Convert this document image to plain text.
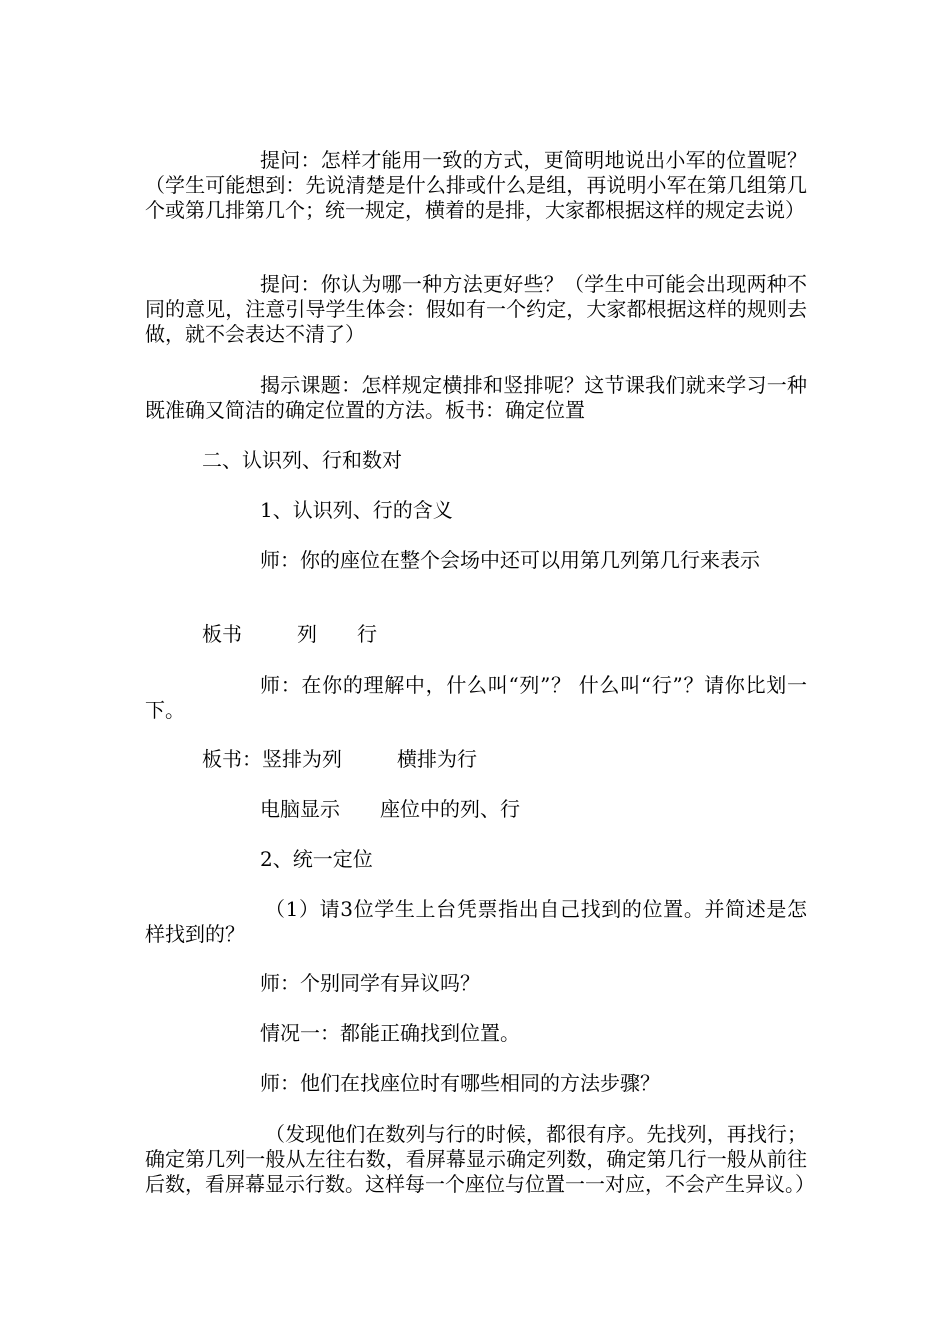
提问：怎样才能用一致的方式，更简明地说出小军的位置呢？（学生可能想到：先说清楚是什么排或什么是组，再说明小军在第几组第几个或第几排第几个；统一规定，横着的是排，大家都根据这样的规定去说）

提问：你认为哪一种方法更好些？（学生中可能会出现两种不同的意见，注意引导学生体会：假如有一个约定，大家都根据这样的规则去做，就不会表达不清了）

揭示课题：怎样规定横排和竖排呢？这节课我们就来学习一种既准确又简洁的确定位置的方法。板书：确定位置

二、认识列、行和数对

1、认识列、行的含义

师：你的座位在整个会场中还可以用第几列第几行来表示

板书	列 行

师：在你的理解中，什么叫“列”？ 什么叫“行”？请你比划一下。

板书：竖排为列	横排为行

电脑显示 座位中的列、行

2、统一定位

（1）请3位学生上台凭票指出自己找到的位置。并简述是怎样找到的？

师：个别同学有异议吗？

情况一：都能正确找到位置。

师：他们在找座位时有哪些相同的方法步骤？

（发现他们在数列与行的时候，都很有序。先找列，再找行；确定第几列一般从左往右数，看屏幕显示确定列数，确定第几行一般从前往后数，看屏幕显示行数。这样每一个座位与位置一一对应，不会产生异议。）
